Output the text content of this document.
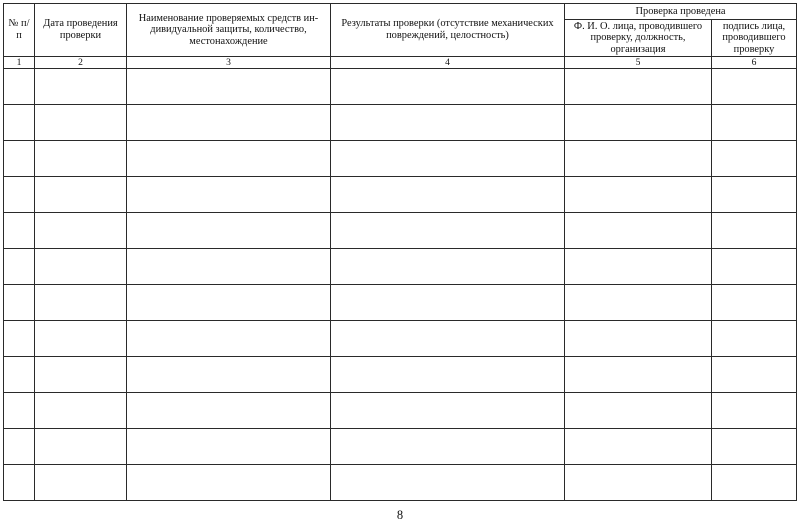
№ п/п	Дата проведения проверки	Наименование проверяемых средств ин-дивидуальной защиты, количество, местонахождение	Результаты проверки (отсутствие механических повреждений, целостность)	Проверка проведена	
				Ф. И. О. лица, проводившего проверку, должность, организация	подпись лица, проводившего проверку
1	2	3	4	5	6

8
